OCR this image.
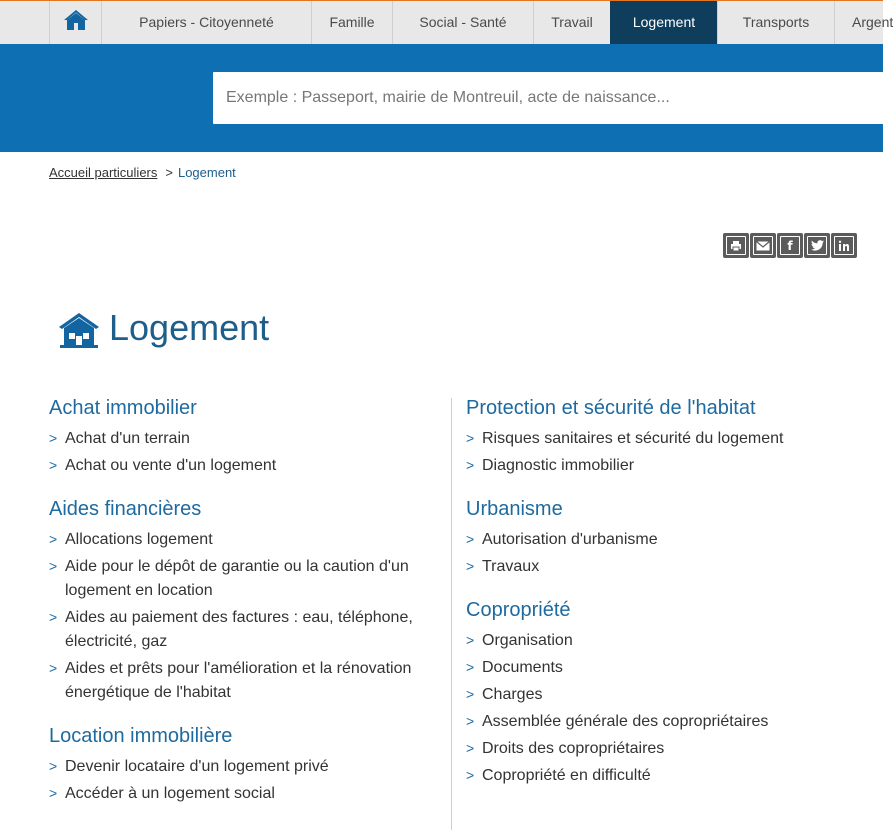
Papiers - Citoyenneté	Famille	Social - Santé	Travail	Logement	Transports	Argent
Exemple : Passeport, mairie de Montreuil, acte de naissance...
Accueil particuliers > Logement
f
Logement
Achat immobilier
> Achat d'un terrain
> Achat ou vente d'un logement
Aides financières
> Allocations logement
> Aide pour le dépôt de garantie ou la caution d'un logement en location
> Aides au paiement des factures : eau, téléphone, électricité, gaz
> Aides et prêts pour l'amélioration et la rénovation énergétique de l'habitat
Location immobilière
> Devenir locataire d'un logement privé
> Accéder à un logement social
Protection et sécurité de l'habitat
> Risques sanitaires et sécurité du logement
> Diagnostic immobilier
Urbanisme
> Autorisation d'urbanisme
> Travaux
Copropriété
> Organisation
> Documents
> Charges
> Assemblée générale des copropriétaires
> Droits des copropriétaires
> Copropriété en difficulté
